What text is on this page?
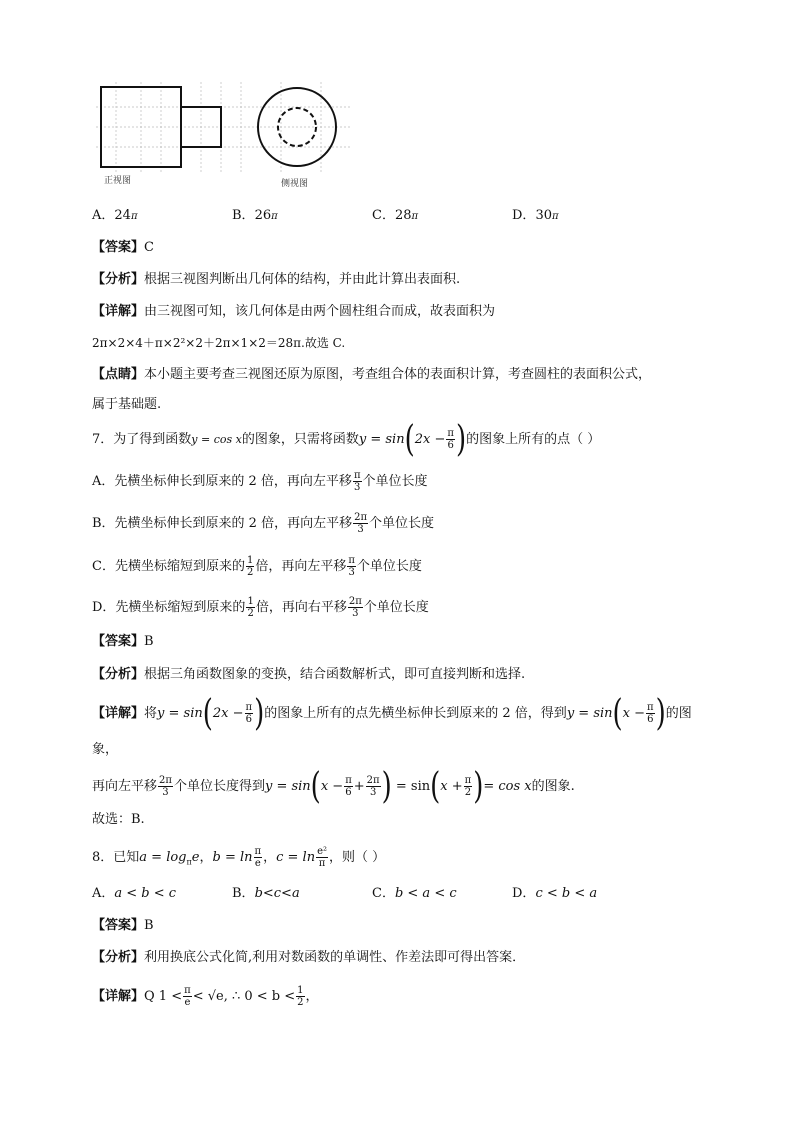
正视图	侧视图
A．24π	B．26π	C．28π	D．30π
【答案】C
【分析】根据三视图判断出几何体的结构，并由此计算出表面积.
【详解】由三视图可知，该几何体是由两个圆柱组合而成，故表面积为
2π×2×4＋π×2²×2＋2π×1×2＝28π.故选 C.
【点睛】本小题主要考查三视图还原为原图，考查组合体的表面积计算，考查圆柱的表面积公式，
属于基础题.
7．为了得到函数y = cos x的图象，只需将函数$y = \sin(2x - \frac{\pi}{6}$ )的图象上所有的点（ ）
A．先横坐标伸长到原来的 2 倍，再向左平移 $\frac{\pi}{3}$ 个单位长度
B．先横坐标伸长到原来的 2 倍，再向左平移 $\frac{2\pi}{3}$ 个单位长度
C．先横坐标缩短到原来的 $\frac{1}{2}$ 倍，再向左平移 $\frac{\pi}{3}$ 个单位长度
D．先横坐标缩短到原来的 $\frac{1}{2}$ 倍，再向右平移 $\frac{2\pi}{3}$ 个单位长度
【答案】B
【分析】根据三角函数图象的变换，结合函数解析式，即可直接判断和选择.
【详解】将$y = \sin(2x - \frac{\pi}{6}$ )的图象上所有的点先横坐标伸长到原来的 2 倍，得到$y = \sin(x - \frac{\pi}{6}$ )的图
象，
再向左平移 $\frac{2\pi}{3}$ 个单位长度得到$y = \sin(x - \frac{\pi}{6} + \frac{2\pi}{3}$ ) = $\sin(x + \frac{\pi}{2}$ )= cos x的图象.
故选：B.
8．已知$a = \log_\pi e$，$b = \ln \frac{\pi}{e}$ ，$c = \ln \frac{\text{e²}}{\pi}$ ，则（ ）
A．a < b < c	B．b<c<a	C．b < a < c	D．c < b < a
【答案】B
【分析】利用换底公式化简,利用对数函数的单调性、作差法即可得出答案．
【详解】Q $1 < \frac{\pi}{e} < √e$, ∴ $0 < b < \frac{1}{2}$ ，
